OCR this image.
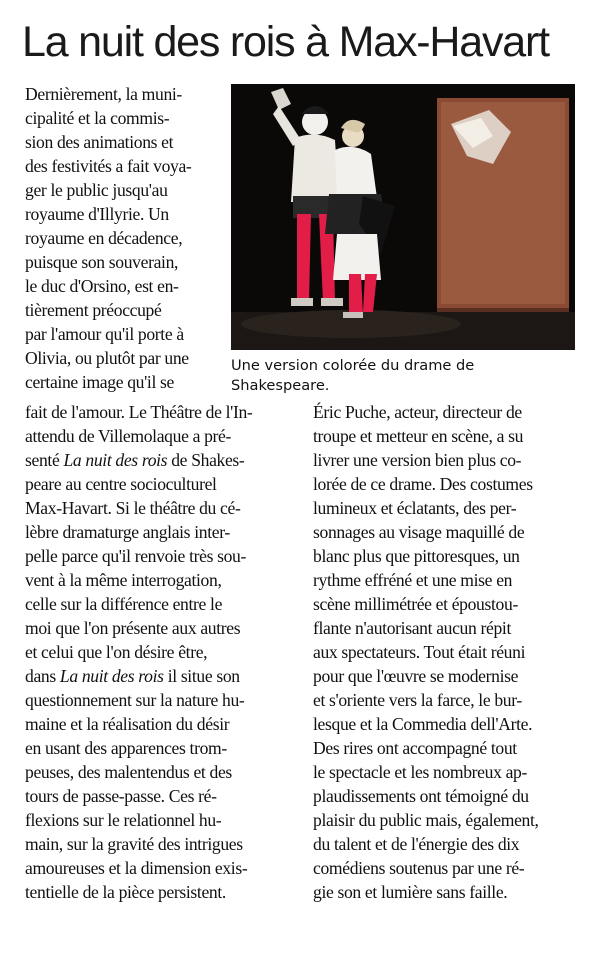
La nuit des rois à Max-Havart
Une version colorée du drame de
Shakespeare.
Dernièrement, la muni-
cipalité et la commis-
sion des animations et
des festivités a fait voya-
ger le public jusqu'au
royaume d'Illyrie. Un
royaume en décadence,
puisque son souverain,
le duc d'Orsino, est en-
tièrement préoccupé
par l'amour qu'il porte à
Olivia, ou plutôt par une
certaine image qu'il se
fait de l'amour. Le Théâtre de l'In-
attendu de Villemolaque a pré-
senté La nuit des rois de Shakes-
peare au centre socioculturel
Max-Havart. Si le théâtre du cé-
lèbre dramaturge anglais inter-
pelle parce qu'il renvoie très sou-
vent à la même interrogation,
celle sur la différence entre le
moi que l'on présente aux autres
et celui que l'on désire être,
dans La nuit des rois il situe son
questionnement sur la nature hu-
maine et la réalisation du désir
en usant des apparences trom-
peuses, des malentendus et des
tours de passe-passe. Ces ré-
flexions sur le relationnel hu-
main, sur la gravité des intrigues
amoureuses et la dimension exis-
tentielle de la pièce persistent.
Éric Puche, acteur, directeur de
troupe et metteur en scène, a su
livrer une version bien plus co-
lorée de ce drame. Des costumes
lumineux et éclatants, des per-
sonnages au visage maquillé de
blanc plus que pittoresques, un
rythme effréné et une mise en
scène millimétrée et époustou-
flante n'autorisant aucun répit
aux spectateurs. Tout était réuni
pour que l'œuvre se modernise
et s'oriente vers la farce, le bur-
lesque et la Commedia dell'Arte.
Des rires ont accompagné tout
le spectacle et les nombreux ap-
plaudissements ont témoigné du
plaisir du public mais, également,
du talent et de l'énergie des dix
comédiens soutenus par une ré-
gie son et lumière sans faille.
